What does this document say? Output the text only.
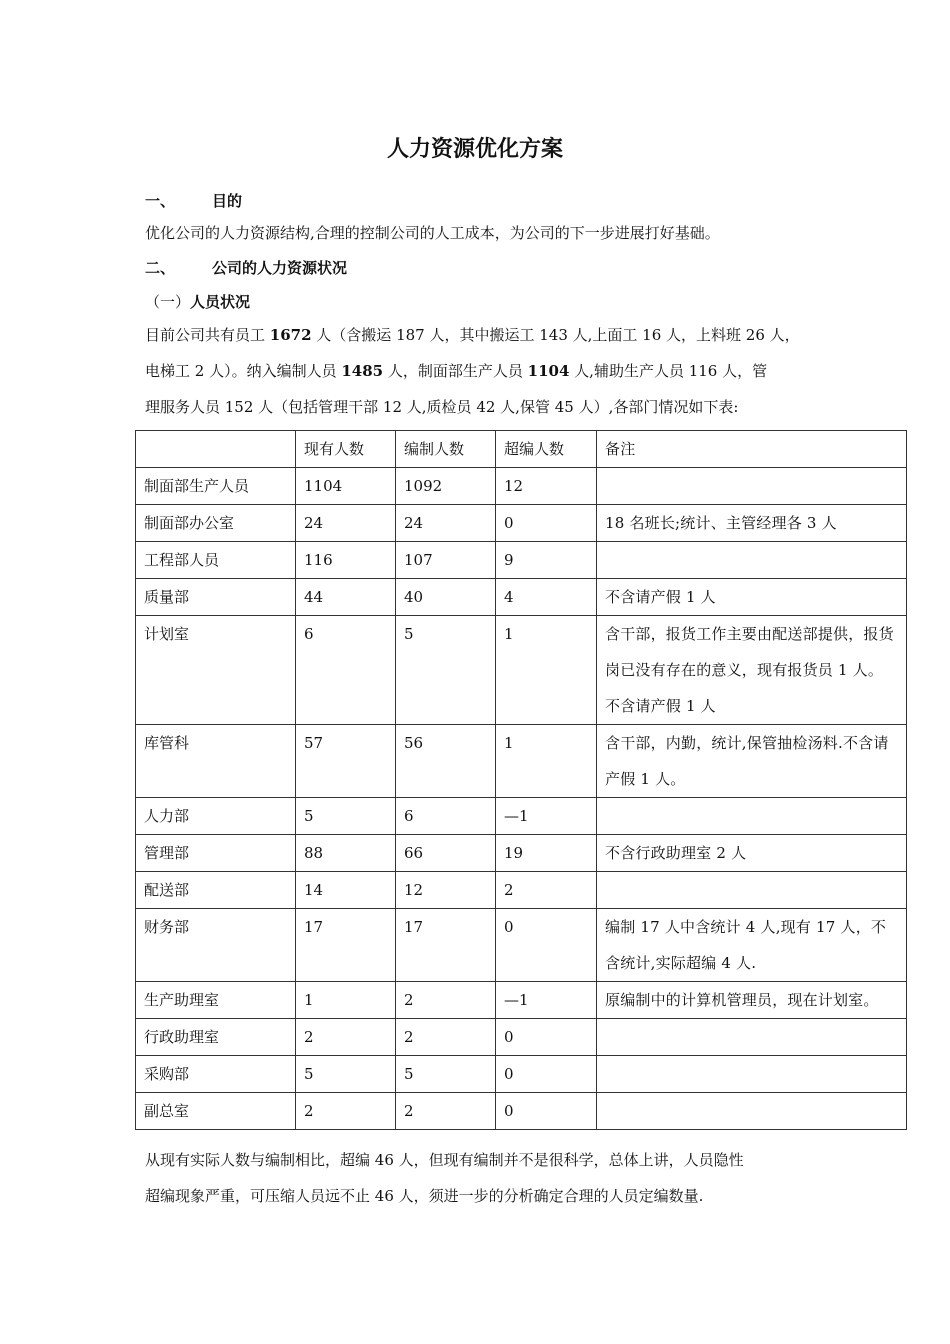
人力资源优化方案
一、 目的
优化公司的人力资源结构,合理的控制公司的人工成本，为公司的下一步进展打好基础。
二、 公司的人力资源状况
（一）人员状况
目前公司共有员工 1672 人（含搬运 187 人，其中搬运工 143 人,上面工 16 人，上料班 26 人，
电梯工 2 人）。纳入编制人员 1485 人，制面部生产人员 1104 人,辅助生产人员 116 人，管
理服务人员 152 人（包括管理干部 12 人,质检员 42 人,保管 45 人）,各部门情况如下表:
	现有人数	编制人数	超编人数	备注
制面部生产人员	1104	1092	12	
制面部办公室	24	24	0	18 名班长;统计、主管经理各 3 人
工程部人员	116	107	9	
质量部	44	40	4	不含请产假 1 人
计划室	6	5	1	含干部，报货工作主要由配送部提供，报货岗已没有存在的意义，现有报货员 1 人。不含请产假 1 人
库管科	57	56	1	含干部，内勤，统计,保管抽检汤料.不含请产假 1 人。
人力部	5	6	—1	
管理部	88	66	19	不含行政助理室 2 人
配送部	14	12	2	
财务部	17	17	0	编制 17 人中含统计 4 人,现有 17 人，不含统计,实际超编 4 人.
生产助理室	1	2	—1	原编制中的计算机管理员，现在计划室。
行政助理室	2	2	0	
采购部	5	5	0	
副总室	2	2	0	
从现有实际人数与编制相比，超编 46 人，但现有编制并不是很科学，总体上讲，人员隐性
超编现象严重，可压缩人员远不止 46 人，须进一步的分析确定合理的人员定编数量.
